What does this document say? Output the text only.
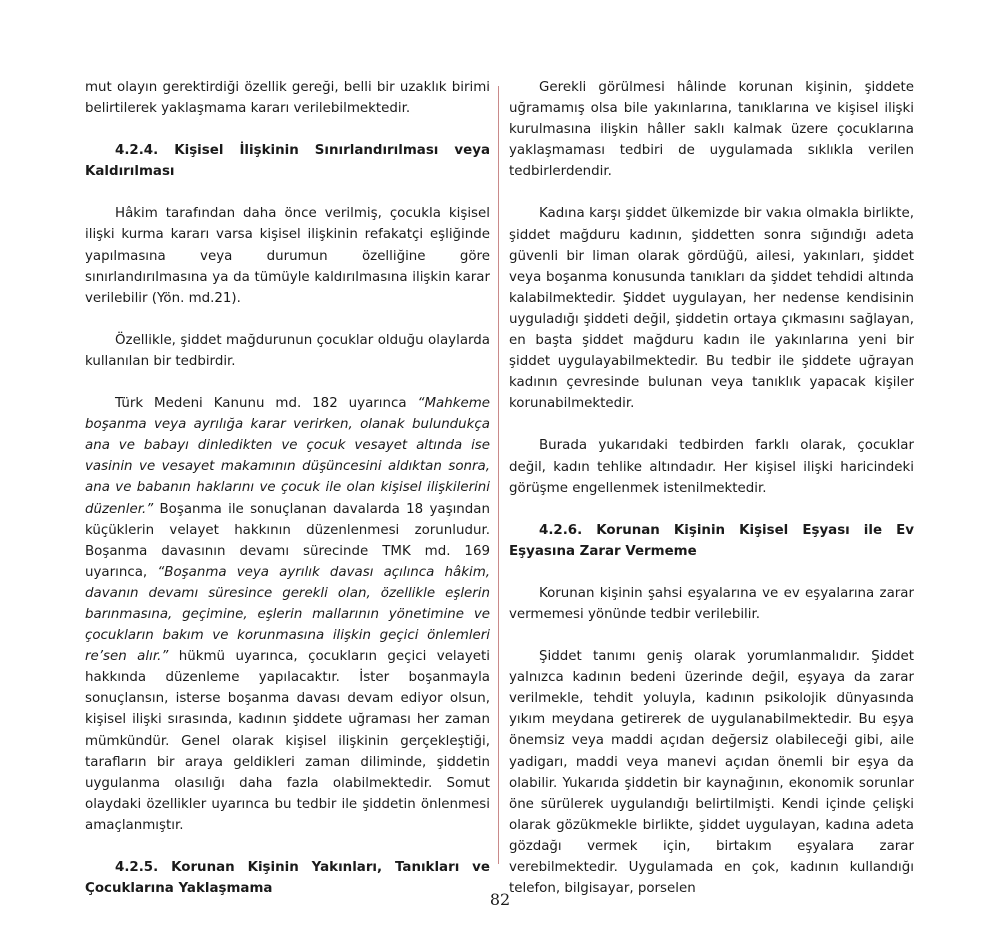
mut olayın gerektirdiği özellik gereği, belli bir uzaklık birimi belirtilerek yaklaşmama kararı verilebilmektedir.

4.2.4. Kişisel İlişkinin Sınırlandırılması veya Kaldırılması

Hâkim tarafından daha önce verilmiş, çocukla kişisel ilişki kurma kararı varsa kişisel ilişkinin refakatçi eşliğinde yapılmasına veya durumun özelliğine göre sınırlandırılmasına ya da tümüyle kaldırılmasına ilişkin karar verilebilir (Yön. md.21).

Özellikle, şiddet mağdurunun çocuklar olduğu olaylarda kullanılan bir tedbirdir.

Türk Medeni Kanunu md. 182 uyarınca “Mahkeme boşanma veya ayrılığa karar verirken, olanak bulundukça ana ve babayı dinledikten ve çocuk vesayet altında ise vasinin ve vesayet makamının düşüncesini aldıktan sonra, ana ve babanın haklarını ve çocuk ile olan kişisel ilişkilerini düzenler.” Boşanma ile sonuçlanan davalarda 18 yaşından küçüklerin velayet hakkının düzenlenmesi zorunludur. Boşanma davasının devamı sürecinde TMK md. 169 uyarınca, “Boşanma veya ayrılık davası açılınca hâkim, davanın devamı süresince gerekli olan, özellikle eşlerin barınmasına, geçimine, eşlerin mallarının yönetimine ve çocukların bakım ve korunmasına ilişkin geçici önlemleri re’sen alır.” hükmü uyarınca, çocukların geçici velayeti hakkında düzenleme yapılacaktır. İster boşanmayla sonuçlansın, isterse boşanma davası devam ediyor olsun, kişisel ilişki sırasında, kadının şiddete uğraması her zaman mümkündür. Genel olarak kişisel ilişkinin gerçekleştiği, tarafların bir araya geldikleri zaman diliminde, şiddetin uygulanma olasılığı daha fazla olabilmektedir. Somut olaydaki özellikler uyarınca bu tedbir ile şiddetin önlenmesi amaçlanmıştır.

4.2.5. Korunan Kişinin Yakınları, Tanıkları ve Çocuklarına Yaklaşmama

Gerekli görülmesi hâlinde korunan kişinin, şiddete uğramamış olsa bile yakınlarına, tanıklarına ve kişisel ilişki kurulmasına ilişkin hâller saklı kalmak üzere çocuklarına yaklaşmaması tedbiri de uygulamada sıklıkla verilen tedbirlerdendir.

Kadına karşı şiddet ülkemizde bir vakıa olmakla birlikte, şiddet mağduru kadının, şiddetten sonra sığındığı adeta güvenli bir liman olarak gördüğü, ailesi, yakınları, şiddet veya boşanma konusunda tanıkları da şiddet tehdidi altında kalabilmektedir. Şiddet uygulayan, her nedense kendisinin uyguladığı şiddeti değil, şiddetin ortaya çıkmasını sağlayan, en başta şiddet mağduru kadın ile yakınlarına yeni bir şiddet uygulayabilmektedir. Bu tedbir ile şiddete uğrayan kadının çevresinde bulunan veya tanıklık yapacak kişiler korunabilmektedir.

Burada yukarıdaki tedbirden farklı olarak, çocuklar değil, kadın tehlike altındadır. Her kişisel ilişki haricindeki görüşme engellenmek istenilmektedir.

4.2.6. Korunan Kişinin Kişisel Eşyası ile Ev Eşyasına Zarar Vermeme

Korunan kişinin şahsi eşyalarına ve ev eşyalarına zarar vermemesi yönünde tedbir verilebilir.

Şiddet tanımı geniş olarak yorumlanmalıdır. Şiddet yalnızca kadının bedeni üzerinde değil, eşyaya da zarar verilmekle, tehdit yoluyla, kadının psikolojik dünyasında yıkım meydana getirerek de uygulanabilmektedir. Bu eşya önemsiz veya maddi açıdan değersiz olabileceği gibi, aile yadigarı, maddi veya manevi açıdan önemli bir eşya da olabilir. Yukarıda şiddetin bir kaynağının, ekonomik sorunlar öne sürülerek uygulandığı belirtilmişti. Kendi içinde çelişki olarak gözükmekle birlikte, şiddet uygulayan, kadına adeta gözdağı vermek için, birtakım eşyalara zarar verebilmektedir. Uygulamada en çok, kadının kullandığı telefon, bilgisayar, porselen

82
